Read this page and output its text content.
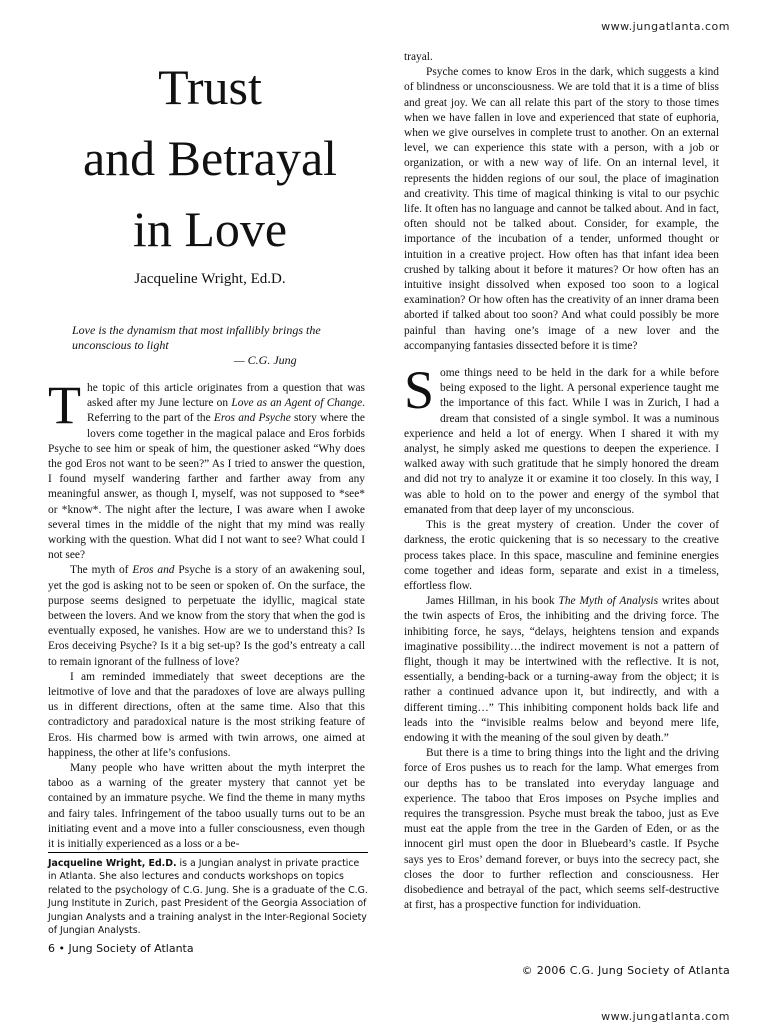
www.jungatlanta.com
Trust
and Betrayal
in Love
Jacqueline Wright, Ed.D.
Love is the dynamism that most infallibly brings the unconscious to light
— C.G. Jung

The topic of this article originates from a question that was asked after my June lecture on Love as an Agent of Change. Referring to the part of the Eros and Psyche story where the lovers come together in the magical palace and Eros forbids Psyche to see him or speak of him, the questioner asked “Why does the god Eros not want to be seen?” As I tried to answer the question, I found myself wandering farther and farther away from any meaningful answer, as though I, myself, was not supposed to *see* or *know*. The night after the lecture, I was aware when I awoke several times in the middle of the night that my mind was really working with the question. What did I not want to see? What could I not see?

The myth of Eros and Psyche is a story of an awakening soul, yet the god is asking not to be seen or spoken of. On the surface, the purpose seems designed to perpetuate the idyllic, magical state between the lovers. And we know from the story that when the god is eventually exposed, he vanishes. How are we to understand this? Is Eros deceiving Psyche? Is it a big set-up? Is the god’s entreaty a call to remain ignorant of the fullness of love?

I am reminded immediately that sweet deceptions are the leitmotive of love and that the paradoxes of love are always pulling us in different directions, often at the same time. Also that this contradictory and paradoxical nature is the most striking feature of Eros. His charmed bow is armed with twin arrows, one aimed at happiness, the other at life’s confusions.

Many people who have written about the myth interpret the taboo as a warning of the greater mystery that cannot yet be contained by an immature psyche. We find the theme in many myths and fairy tales. Infringement of the taboo usually turns out to be an initiating event and a move into a fuller consciousness, even though it is initially experienced as a loss or a be-

Jacqueline Wright, Ed.D. is a Jungian analyst in private practice in Atlanta. She also lectures and conducts workshops on topics related to the psychology of C.G. Jung. She is a graduate of the C.G. Jung Institute in Zurich, past President of the Georgia Association of Jungian Analysts and a training analyst in the Inter-Regional Society of Jungian Analysts.
6 • Jung Society of Atlanta

trayal.

Psyche comes to know Eros in the dark, which suggests a kind of blindness or unconsciousness. We are told that it is a time of bliss and great joy. We can all relate this part of the story to those times when we have fallen in love and experienced that state of euphoria, when we give ourselves in complete trust to another. On an external level, we can experience this state with a person, with a job or organization, or with a new way of life. On an internal level, it represents the hidden regions of our soul, the place of imagination and creativity. This time of magical thinking is vital to our psychic life. It often has no language and cannot be talked about. And in fact, often should not be talked about. Consider, for example, the importance of the incubation of a tender, unformed thought or intuition in a creative project. How often has that infant idea been crushed by talking about it before it matures? Or how often has an intuitive insight dissolved when exposed too soon to a logical examination? Or how often has the creativity of an inner drama been aborted if talked about too soon? And what could possibly be more painful than having one’s image of a new lover and the accompanying fantasies dissected before it is time?

Some things need to be held in the dark for a while before being exposed to the light. A personal experience taught me the importance of this fact. While I was in Zurich, I had a dream that consisted of a single symbol. It was a numinous experience and held a lot of energy. When I shared it with my analyst, he simply asked me questions to deepen the experience. I walked away with such gratitude that he simply honored the dream and did not try to analyze it or examine it too closely. In this way, I was able to hold on to the power and energy of the symbol that emanated from that deep layer of my unconscious.

This is the great mystery of creation. Under the cover of darkness, the erotic quickening that is so necessary to the creative process takes place. In this space, masculine and feminine energies come together and ideas form, separate and exist in a timeless, effortless flow.

James Hillman, in his book The Myth of Analysis writes about the twin aspects of Eros, the inhibiting and the driving force. The inhibiting force, he says, “delays, heightens tension and expands imaginative possibility…the indirect movement is not a pattern of flight, though it may be intertwined with the reflective. It is not, essentially, a bending-back or a turning-away from the object; it is rather a continued advance upon it, but indirectly, and with a different timing…” This inhibiting component holds back life and leads into the “invisible realms below and beyond mere life, endowing it with the meaning of the soul given by death.”

But there is a time to bring things into the light and the driving force of Eros pushes us to reach for the lamp. What emerges from our depths has to be translated into everyday language and experience. The taboo that Eros imposes on Psyche implies and requires the transgression. Psyche must break the taboo, just as Eve must eat the apple from the tree in the Garden of Eden, or as the innocent girl must open the door in Bluebeard’s castle. If Psyche says yes to Eros’ demand forever, or buys into the secrecy pact, she closes the door to further reflection and consciousness. Her disobedience and betrayal of the pact, which seems self-destructive at first, has a prospective function for individuation.

© 2006 C.G. Jung Society of Atlanta
www.jungatlanta.com
